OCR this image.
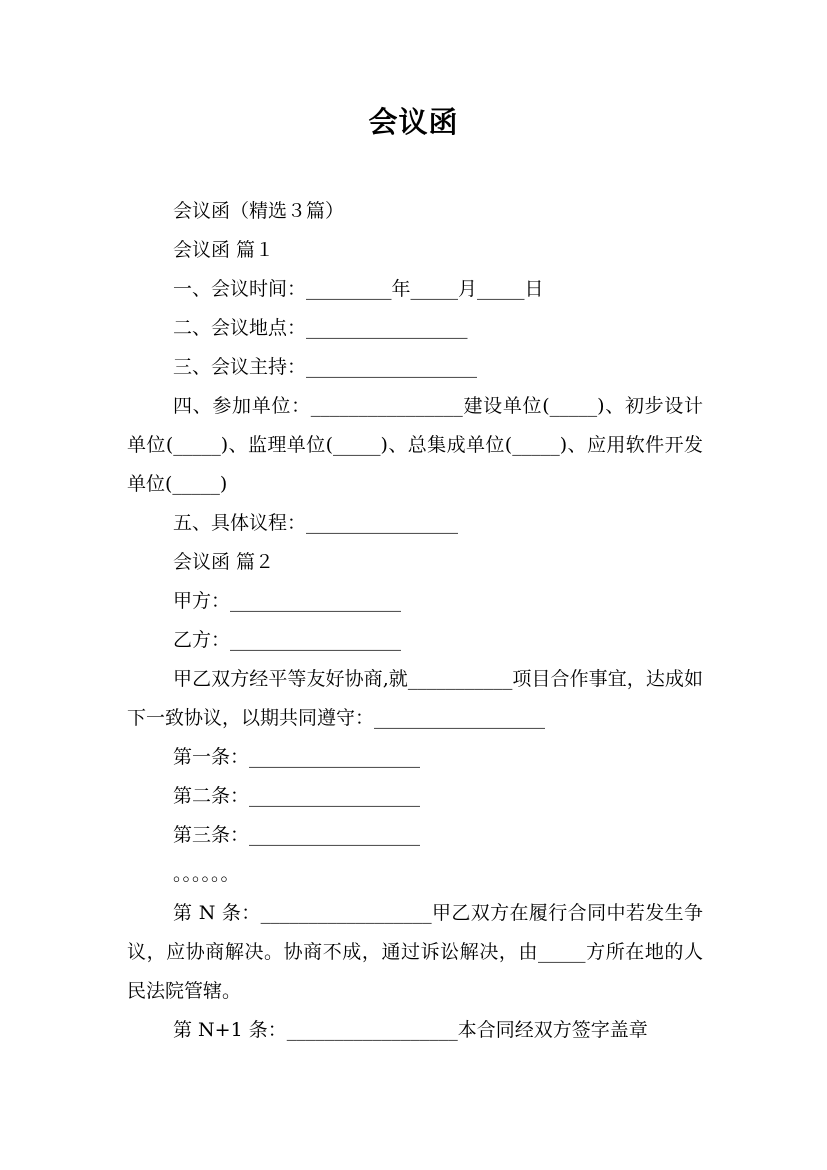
会议函

会议函（精选３篇）

会议函 篇１

一、会议时间：_________年_____月_____日

二、会议地点：_________________

三、会议主持：__________________

四、参加单位：________________建设单位(_____)、初步设计单位(_____)、监理单位(_____)、总集成单位(_____)、应用软件开发单位(_____)

五、具体议程：________________

会议函 篇２

甲方：__________________

乙方：__________________

甲乙双方经平等友好协商,就___________项目合作事宜，达成如下一致协议，以期共同遵守：__________________

第一条：__________________

第二条：__________________

第三条：__________________

。。。。。。

第 N 条：__________________甲乙双方在履行合同中若发生争议，应协商解决。协商不成，通过诉讼解决，由_____方所在地的人民法院管辖。

第 N+1 条：__________________本合同经双方签字盖章
